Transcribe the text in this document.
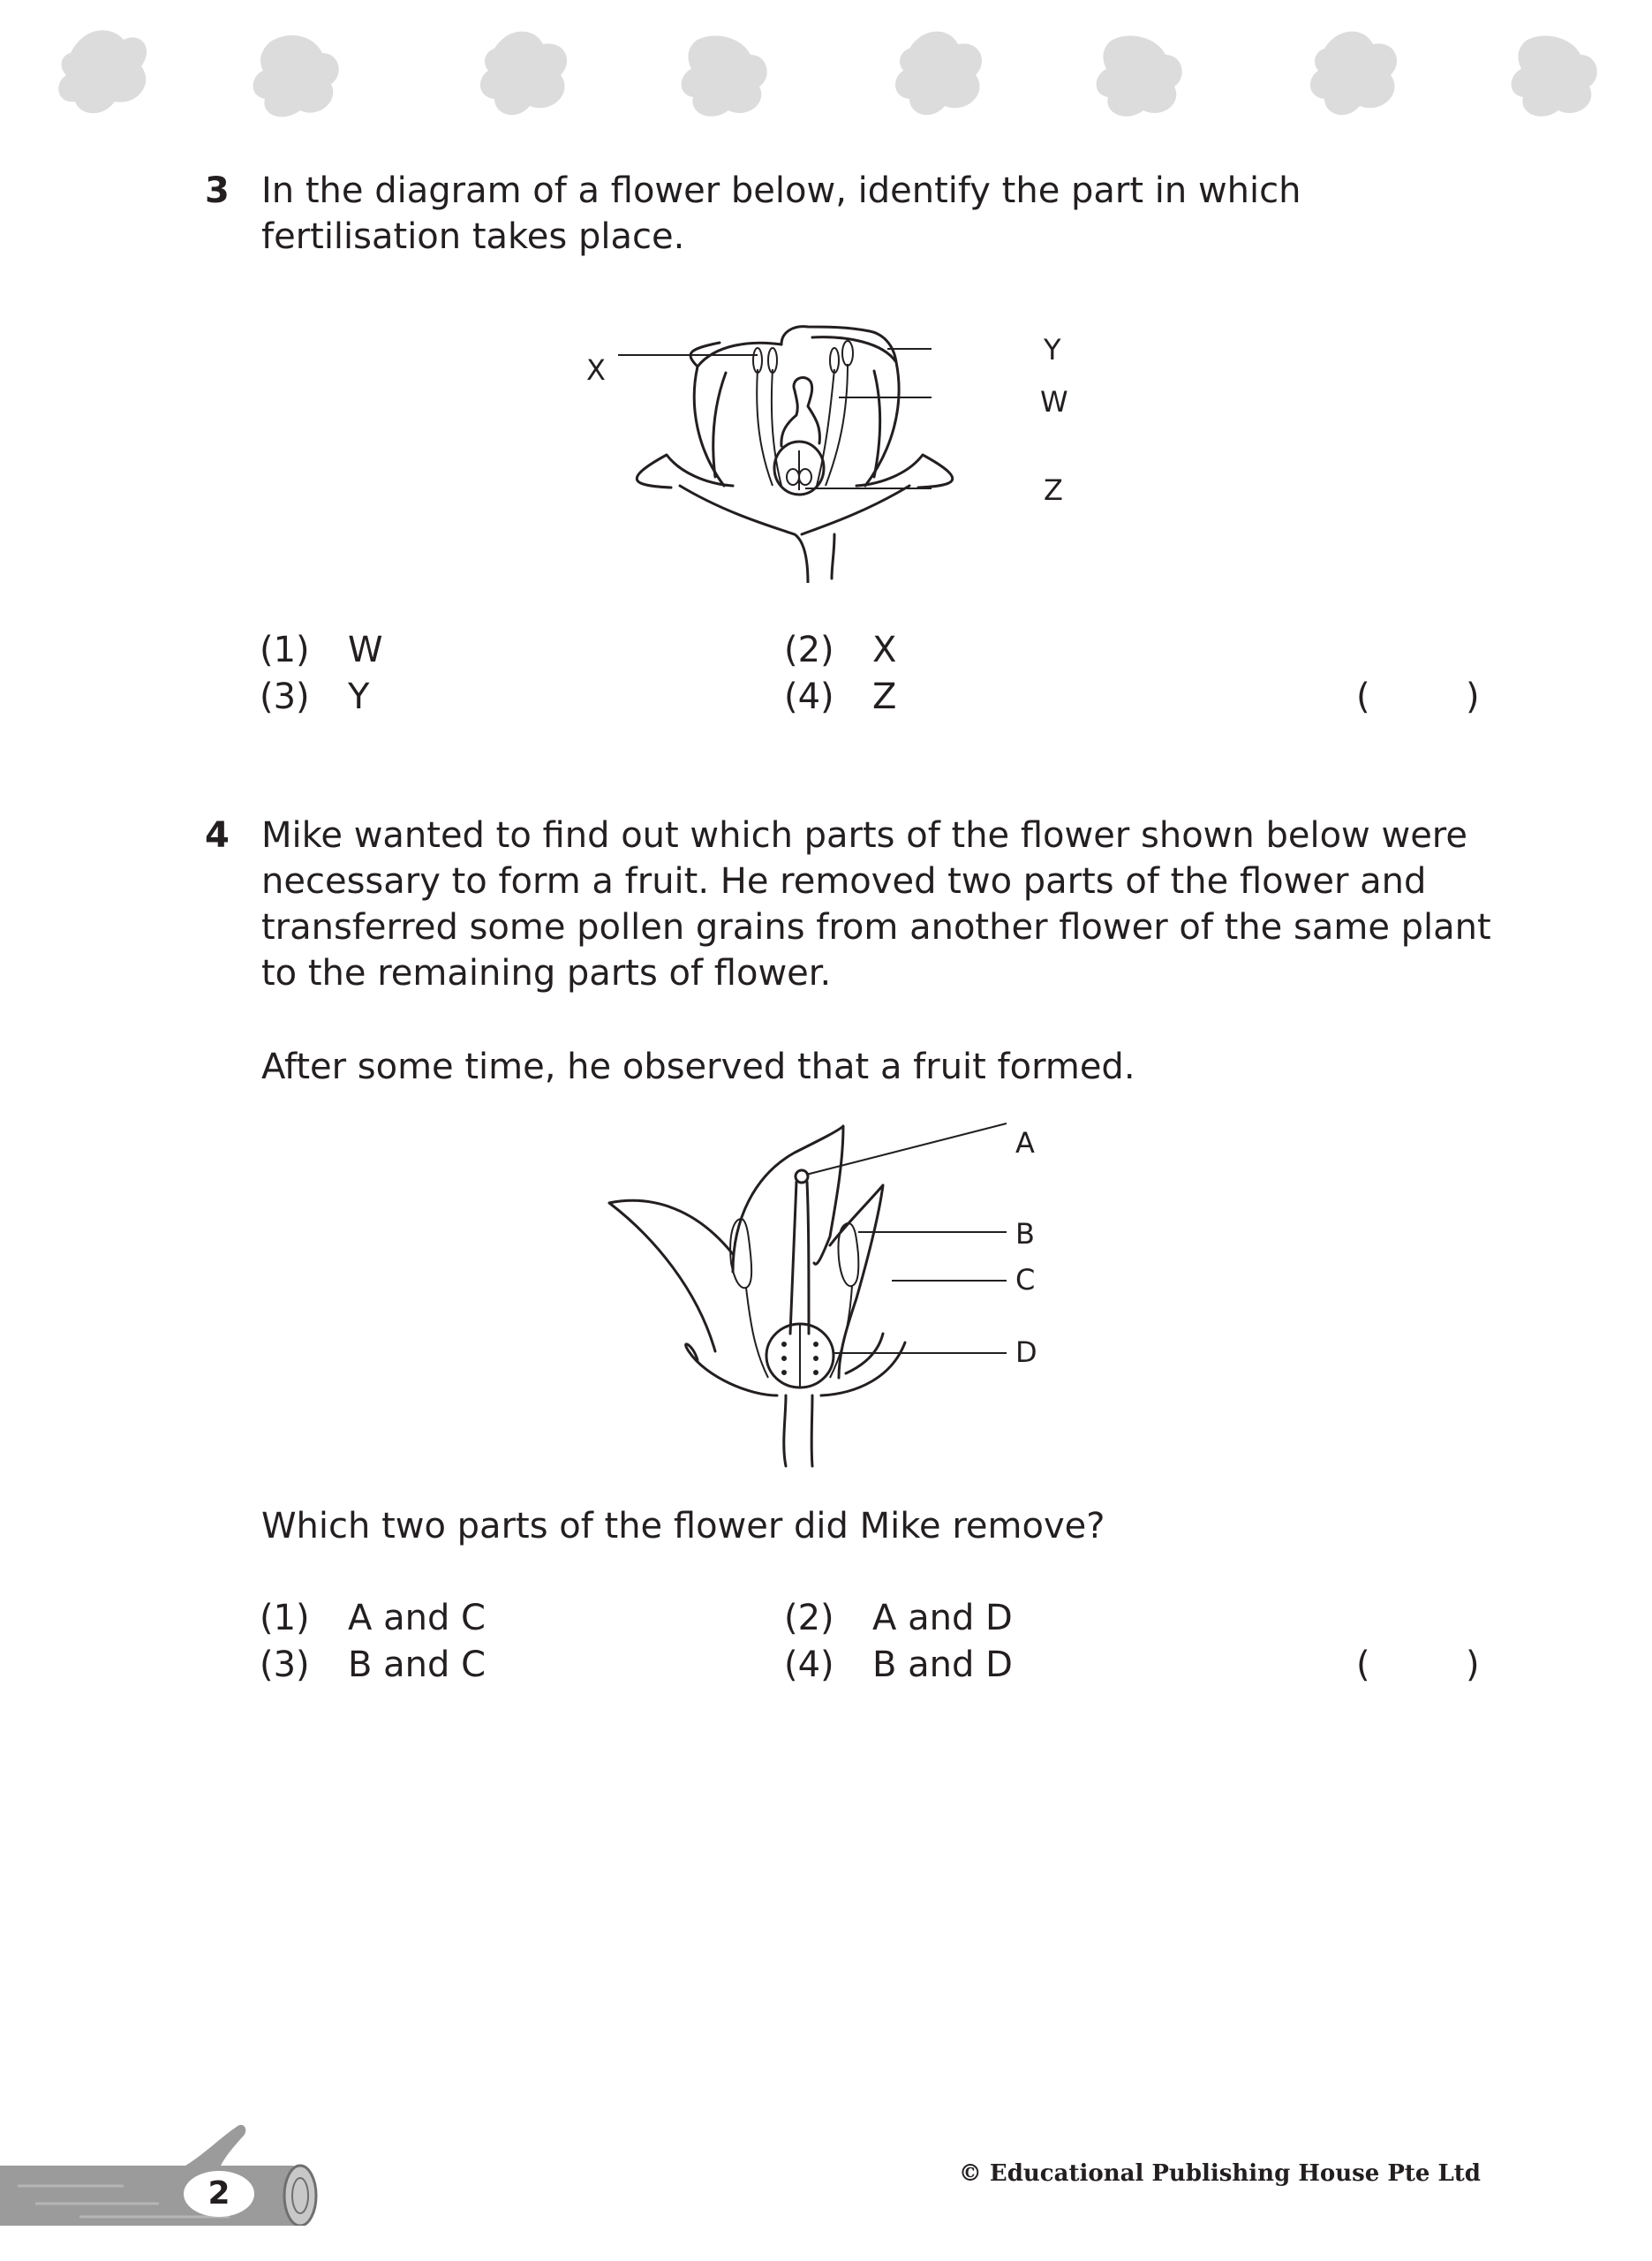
3 In the diagram of a flower below, identify the part in which
fertilisation takes place.
X
Y
W
Z
(1) W	(2) X
(3) Y	(4) Z	(	)
4 Mike wanted to find out which parts of the flower shown below were
necessary to form a fruit. He removed two parts of the flower and
transferred some pollen grains from another flower of the same plant
to the remaining parts of flower.
After some time, he observed that a fruit formed.
A
B
C
D
Which two parts of the flower did Mike remove?
(1) A and C	(2) A and D
(3) B and C	(4) B and D	(	)
2
© Educational Publishing House Pte Ltd
